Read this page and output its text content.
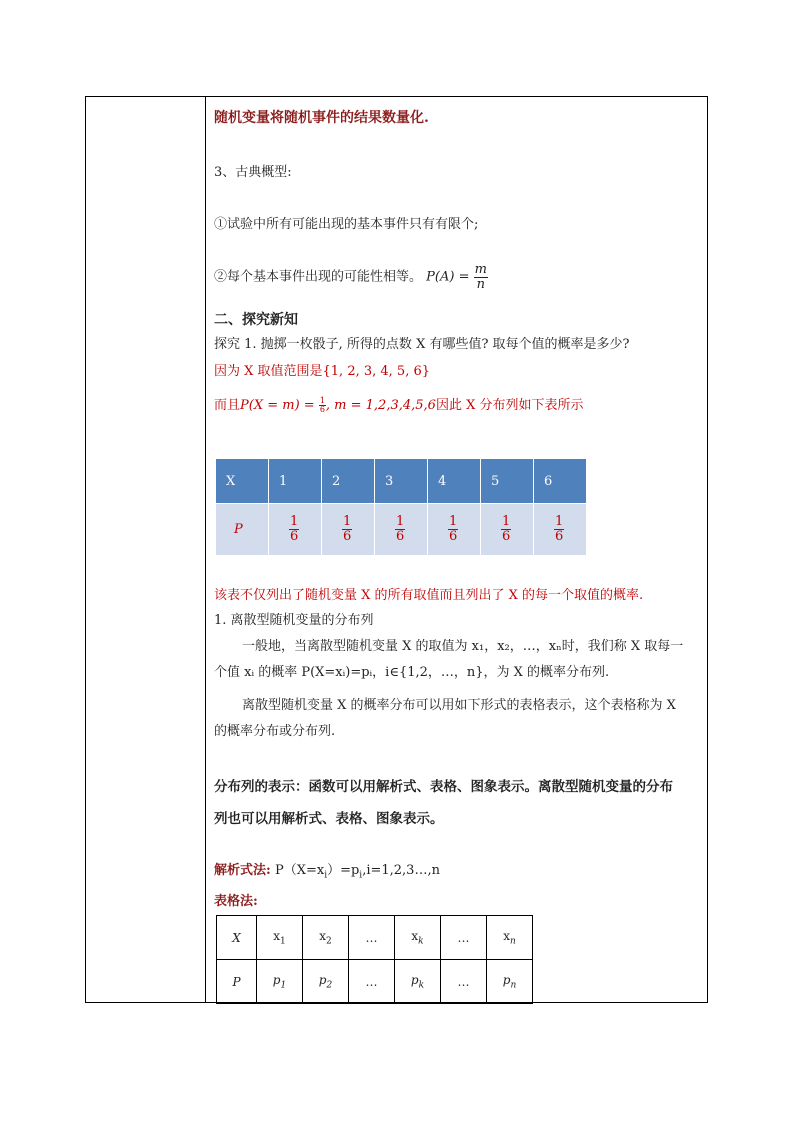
随机变量将随机事件的结果数量化.
3、古典概型:
①试验中所有可能出现的基本事件只有有限个;
②每个基本事件出现的可能性相等。 $P(A) = \frac{m}{n}$
二、探究新知
探究 1. 抛掷一枚骰子, 所得的点数 X 有哪些值? 取每个值的概率是多少?
因为 X 取值范围是{1, 2, 3, 4, 5, 6}
而且$P(X = m) = \frac{1}{6}$ , m = 1,2,3,4,5,6因此 X 分布列如下表所示
X	1	2	3	4	5	6
P	$\frac{1}{6}$	$\frac{1}{6}$	$\frac{1}{6}$	$\frac{1}{6}$	$\frac{1}{6}$	$\frac{1}{6}$
该表不仅列出了随机变量 X 的所有取值而且列出了 X 的每一个取值的概率.
1. 离散型随机变量的分布列
一般地，当离散型随机变量 X 的取值为 x₁，x₂，…，xₙ时，我们称 X 取每一
个值 xᵢ 的概率 P(X=xᵢ)=pᵢ，i∈{1,2，…，n}，为 X 的概率分布列.
离散型随机变量 X 的概率分布可以用如下形式的表格表示，这个表格称为 X
的概率分布或分布列.
分布列的表示：函数可以用解析式、表格、图象表示。离散型随机变量的分布
列也可以用解析式、表格、图象表示。
解析式法: $P(X=x_i)=p_i,i=1,2,3\dots,n$
表格法:
X	$x_1$	$x_2$	…	$x_k$	…	$x_n$
P	$p_1$	$p_2$	…	$p_k$	…	$p_n$
